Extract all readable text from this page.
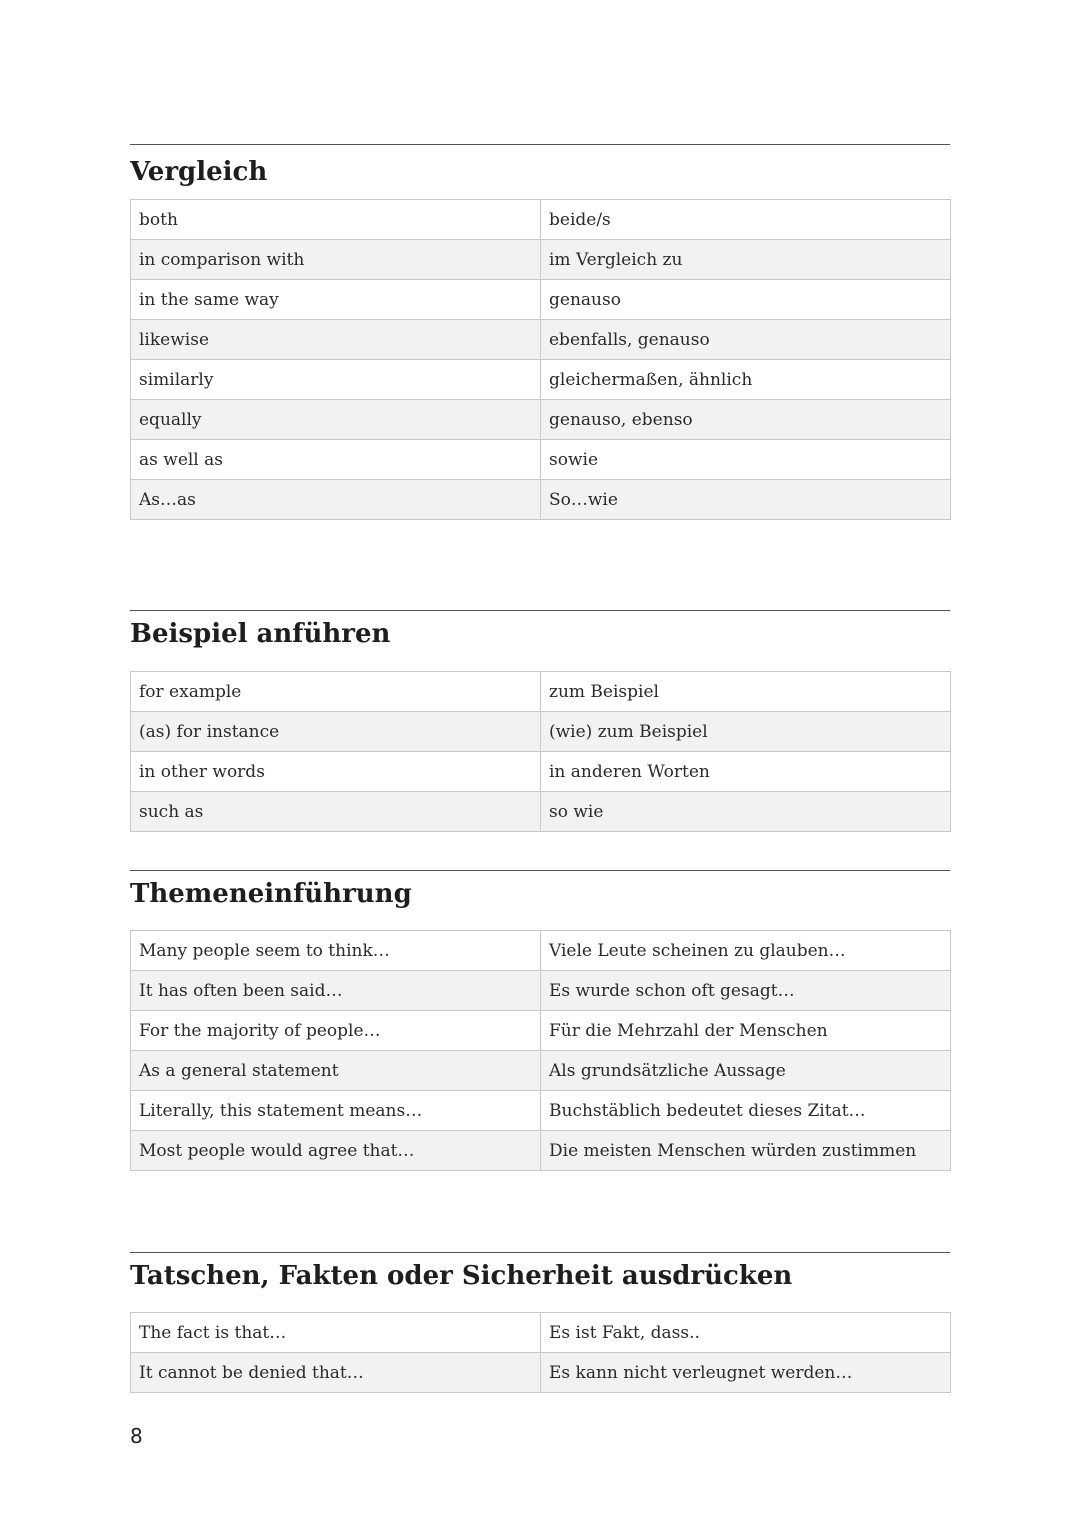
Vergleich
both	beide/s
in comparison with	im Vergleich zu
in the same way	genauso
likewise	ebenfalls, genauso
similarly	gleichermaßen, ähnlich
equally	genauso, ebenso
as well as	sowie
As…as	So…wie
Beispiel anführen
for example	zum Beispiel
(as) for instance	(wie) zum Beispiel
in other words	in anderen Worten
such as	so wie
Themeneinführung
Many people seem to think…	Viele Leute scheinen zu glauben…
It has often been said…	Es wurde schon oft gesagt…
For the majority of people…	Für die Mehrzahl der Menschen
As a general statement	Als grundsätzliche Aussage
Literally, this statement means…	Buchstäblich bedeutet dieses Zitat…
Most people would agree that…	Die meisten Menschen würden zustimmen
Tatschen, Fakten oder Sicherheit ausdrücken
The fact is that…	Es ist Fakt, dass..
It cannot be denied that…	Es kann nicht verleugnet werden…
8
